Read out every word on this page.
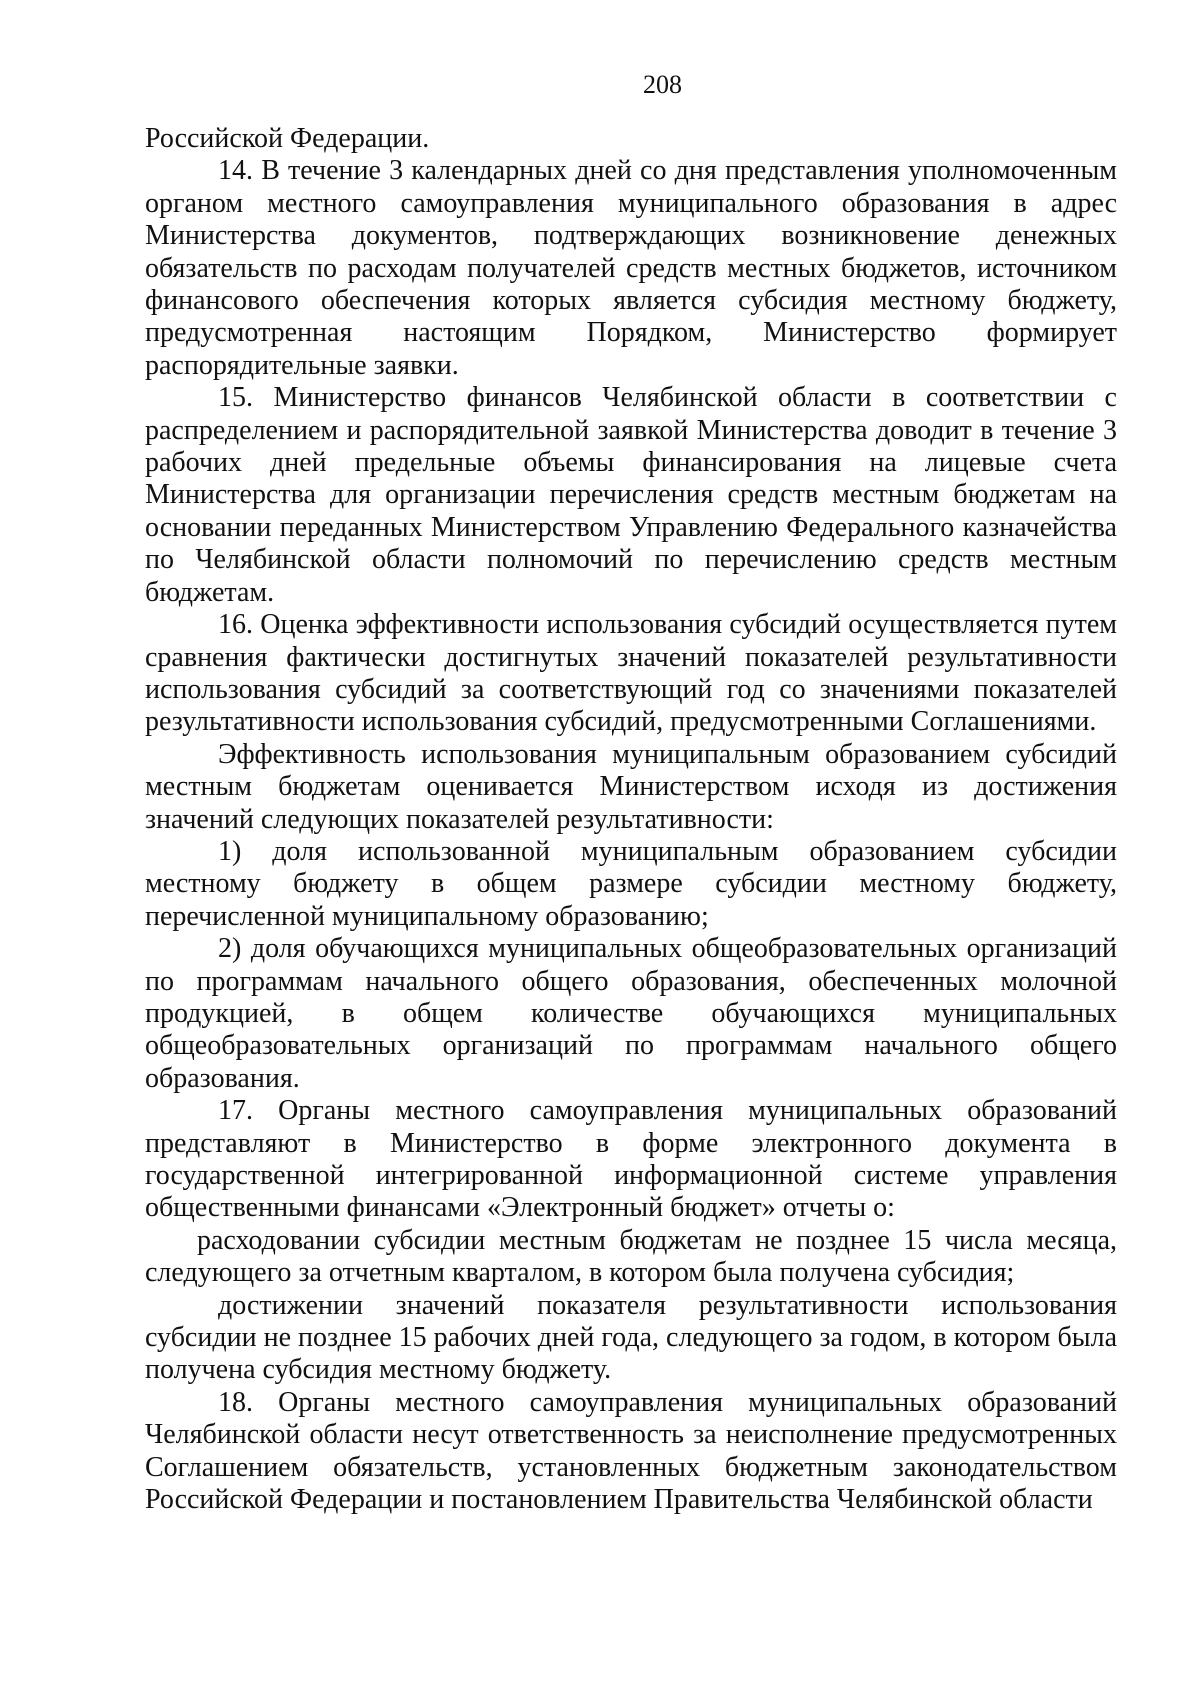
208

Российской Федерации.

14. В течение 3 календарных дней со дня представления уполномоченным органом местного самоуправления муниципального образования в адрес Министерства документов, подтверждающих возникновение денежных обязательств по расходам получателей средств местных бюджетов, источником финансового обеспечения которых является субсидия местному бюджету, предусмотренная настоящим Порядком, Министерство формирует распорядительные заявки.

15. Министерство финансов Челябинской области в соответствии с распределением и распорядительной заявкой Министерства доводит в течение 3 рабочих дней предельные объемы финансирования на лицевые счета Министерства для организации перечисления средств местным бюджетам на основании переданных Министерством Управлению Федерального казначейства по Челябинской области полномочий по перечислению средств местным бюджетам.

16. Оценка эффективности использования субсидий осуществляется путем сравнения фактически достигнутых значений показателей результативности использования субсидий за соответствующий год со значениями показателей результативности использования субсидий, предусмотренными Соглашениями.

Эффективность использования муниципальным образованием субсидий местным бюджетам оценивается Министерством исходя из достижения значений следующих показателей результативности:

1) доля использованной муниципальным образованием субсидии местному бюджету в общем размере субсидии местному бюджету, перечисленной муниципальному образованию;

2) доля обучающихся муниципальных общеобразовательных организаций по программам начального общего образования, обеспеченных молочной продукцией, в общем количестве обучающихся муниципальных общеобразовательных организаций по программам начального общего образования.

17. Органы местного самоуправления муниципальных образований представляют в Министерство в форме электронного документа в государственной интегрированной информационной системе управления общественными финансами «Электронный бюджет» отчеты о:

расходовании субсидии местным бюджетам не позднее 15 числа месяца, следующего за отчетным кварталом, в котором была получена субсидия;

достижении значений показателя результативности использования субсидии не позднее 15 рабочих дней года, следующего за годом, в котором была получена субсидия местному бюджету.

18. Органы местного самоуправления муниципальных образований Челябинской области несут ответственность за неисполнение предусмотренных Соглашением обязательств, установленных бюджетным законодательством Российской Федерации и постановлением Правительства Челябинской области
